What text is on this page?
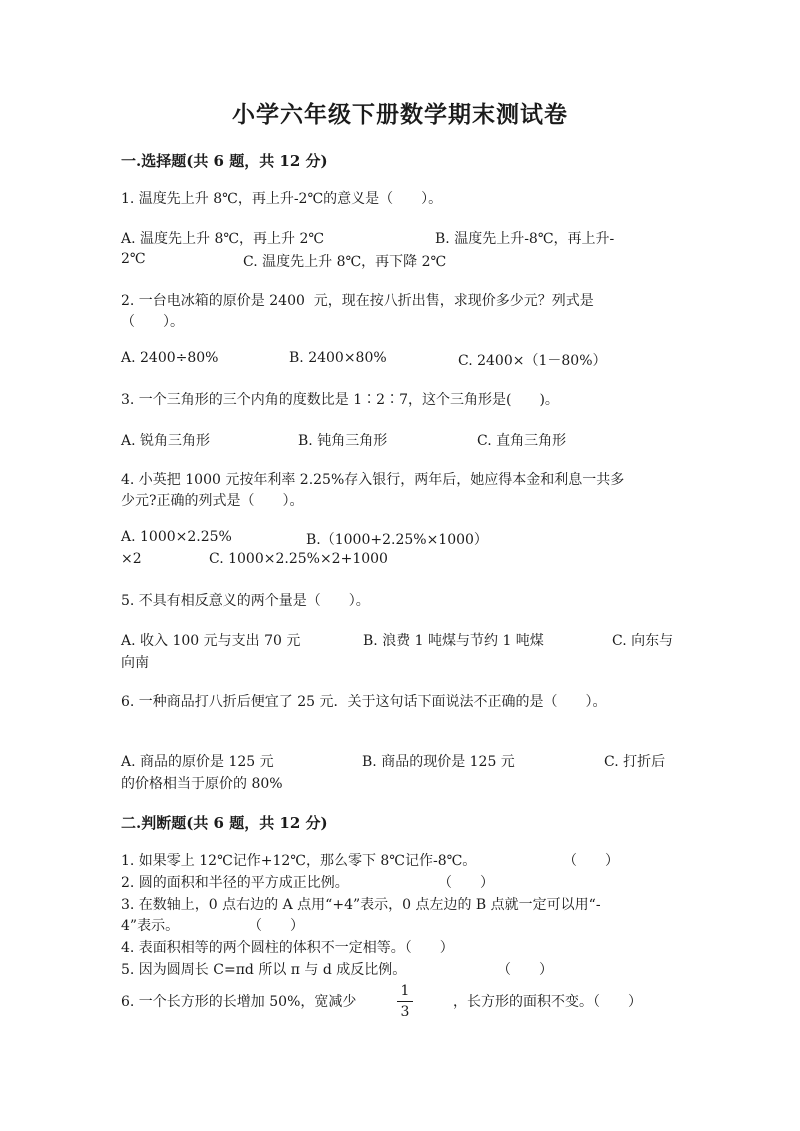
小学六年级下册数学期末测试卷
一.选择题(共 6 题，共 12 分)
1. 温度先上升 8℃，再上升-2℃的意义是（　　）。
A. 温度先上升 8℃，再上升 2℃	B. 温度先上升-8℃，再上升-
2℃	C. 温度先上升 8℃，再下降 2℃
2. 一台电冰箱的原价是 2400  元，现在按八折出售，求现价多少元？列式是
（　　）。
A. 2400÷80%	B. 2400×80%	C. 2400×（1－80%）
3. 一个三角形的三个内角的度数比是 1∶2∶7，这个三角形是(　　)。
A. 锐角三角形	B. 钝角三角形	C. 直角三角形
4. 小英把 1000 元按年利率 2.25%存入银行，两年后，她应得本金和利息一共多
少元?正确的列式是（　　）。
A. 1000×2.25%	B.（1000+2.25%×1000）
×2	C. 1000×2.25%×2+1000
5. 不具有相反意义的两个量是（　　）。
A. 收入 100 元与支出 70 元	B. 浪费 1 吨煤与节约 1 吨煤	C. 向东与
向南
6. 一种商品打八折后便宜了 25 元．关于这句话下面说法不正确的是（　　）。
A. 商品的原价是 125 元	B. 商品的现价是 125 元	C. 打折后
的价格相当于原价的 80%
二.判断题(共 6 题，共 12 分)
1. 如果零上 12℃记作+12℃，那么零下 8℃记作-8℃。	（　　）
2. 圆的面积和半径的平方成正比例。	（　　）
3. 在数轴上，0 点右边的 A 点用“+4”表示，0 点左边的 B 点就一定可以用“-
4”表示。	（　　）
4. 表面积相等的两个圆柱的体积不一定相等。（　　）
5. 因为圆周长 C=πd 所以 π 与 d 成反比例。	（　　）
6. 一个长方形的长增加 50%，宽减少
1
3
，长方形的面积不变。（　　）
